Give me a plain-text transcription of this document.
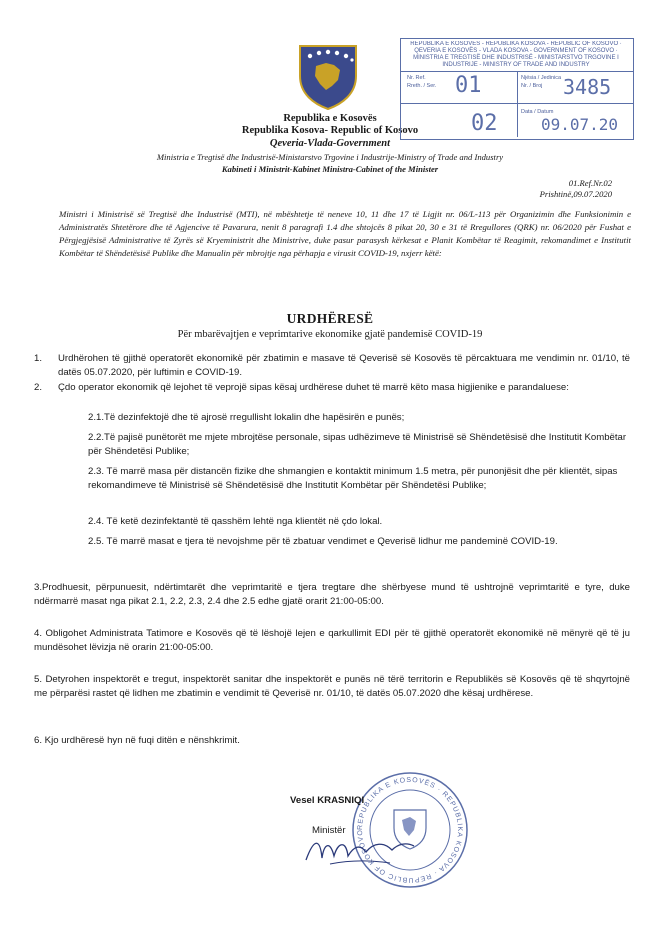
Republika e Kosovës
Republika Kosova- Republic of Kosovo
Qeveria-Vlada-Government
Ministria e Tregtisë dhe Industrisë-Ministarstvo Trgovine i Industrije-Ministry of Trade and Industry
Kabineti i Ministrit-Kabinet Ministra-Cabinet of the Minister
01.Ref.Nr.02
Prishtinë,09.07.2020
REPUBLIKA E KOSOVËS - REPUBLIKA KOSOVA - REPUBLIC OF KOSOVO · QEVERIA E KOSOVËS - VLADA KOSOVA - GOVERNMENT OF KOSOVO · MINISTRIA E TREGTISË DHE INDUSTRISË - MINISTARSTVO TRGOVINE I INDUSTRIJE - MINISTRY OF TRADE AND INDUSTRY
Nr. Ref.
Rreth. / Ser.
Njësia / Jedinica
Nr. / Broj
Data / Datum
01	3485
02	09.07.20
Ministri i Ministrisë së Tregtisë dhe Industrisë (MTI), në mbështetje të neneve 10, 11 dhe 17 të Ligjit nr. 06/L-113 për Organizimin dhe Funksionimin e Administratës Shtetërore dhe të Agjencive të Pavarura, nenit 8 paragrafi 1.4 dhe shtojcës 8 pikat 20, 30 e 31 të Rregullores (QRK) nr. 06/2020 për Fushat e Përgjegjësisë Administrative të Zyrës së Kryeministrit dhe Ministrive, duke pasur parasysh kërkesat e Planit Kombëtar të Reagimit, rekomandimet e Institutit Kombëtar të Shëndetësisë Publike dhe Manualin për mbrojtje nga përhapja e virusit COVID-19, nxjerr këtë:
URDHËRESË
Për mbarëvajtjen e veprimtarive ekonomike gjatë pandemisë COVID-19
1.	Urdhërohen të gjithë operatorët ekonomikë për zbatimin e masave të Qeverisë së Kosovës të përcaktuara me vendimin nr. 01/10, të datës 05.07.2020, për luftimin e COVID-19.
2.	Çdo operator ekonomik që lejohet të veprojë sipas kësaj urdhërese duhet të marrë këto masa higjienike e parandaluese:
2.1.Të dezinfektojë dhe të ajrosë rregullisht lokalin dhe hapësirën e punës;
2.2.Të pajisë punëtorët me mjete mbrojtëse personale, sipas udhëzimeve të Ministrisë së Shëndetësisë dhe Institutit Kombëtar për Shëndetësi Publike;
2.3. Të marrë masa për distancën fizike dhe shmangien e kontaktit minimum 1.5 metra, për punonjësit dhe për klientët, sipas rekomandimeve të Ministrisë së Shëndetësisë dhe Institutit Kombëtar për Shëndetësi Publike;
2.4. Të ketë dezinfektantë të qasshëm lehtë nga klientët në çdo lokal.
2.5. Të marrë masat e tjera të nevojshme për të zbatuar vendimet e Qeverisë lidhur me pandeminë COVID-19.
3.Prodhuesit, përpunuesit, ndërtimtarët dhe veprimtaritë e tjera tregtare dhe shërbyese mund të ushtrojnë veprimtaritë e tyre, duke ndërmarrë masat nga pikat 2.1, 2.2, 2.3, 2.4 dhe 2.5 edhe gjatë orarit 21:00-05:00.
4. Obligohet Administrata Tatimore e Kosovës që të lëshojë lejen e qarkullimit EDI për të gjithë operatorët ekonomikë në mënyrë që të ju mundësohet lëvizja në orarin 21:00-05:00.
5. Detyrohen inspektorët e tregut, inspektorët sanitar dhe inspektorët e punës në tërë territorin e Republikës së Kosovës që të shqyrtojnë me përparësi rastet që lidhen me zbatimin e vendimit të Qeverisë nr. 01/10, të datës 05.07.2020 dhe kësaj urdhërese.
6. Kjo urdhëresë hyn në fuqi ditën e nënshkrimit.
REPUBLIKA E KOSOVËS · REPUBLIKA KOSOVA · REPUBLIC OF KOSOVO
Vesel KRASNIQI
Ministër
